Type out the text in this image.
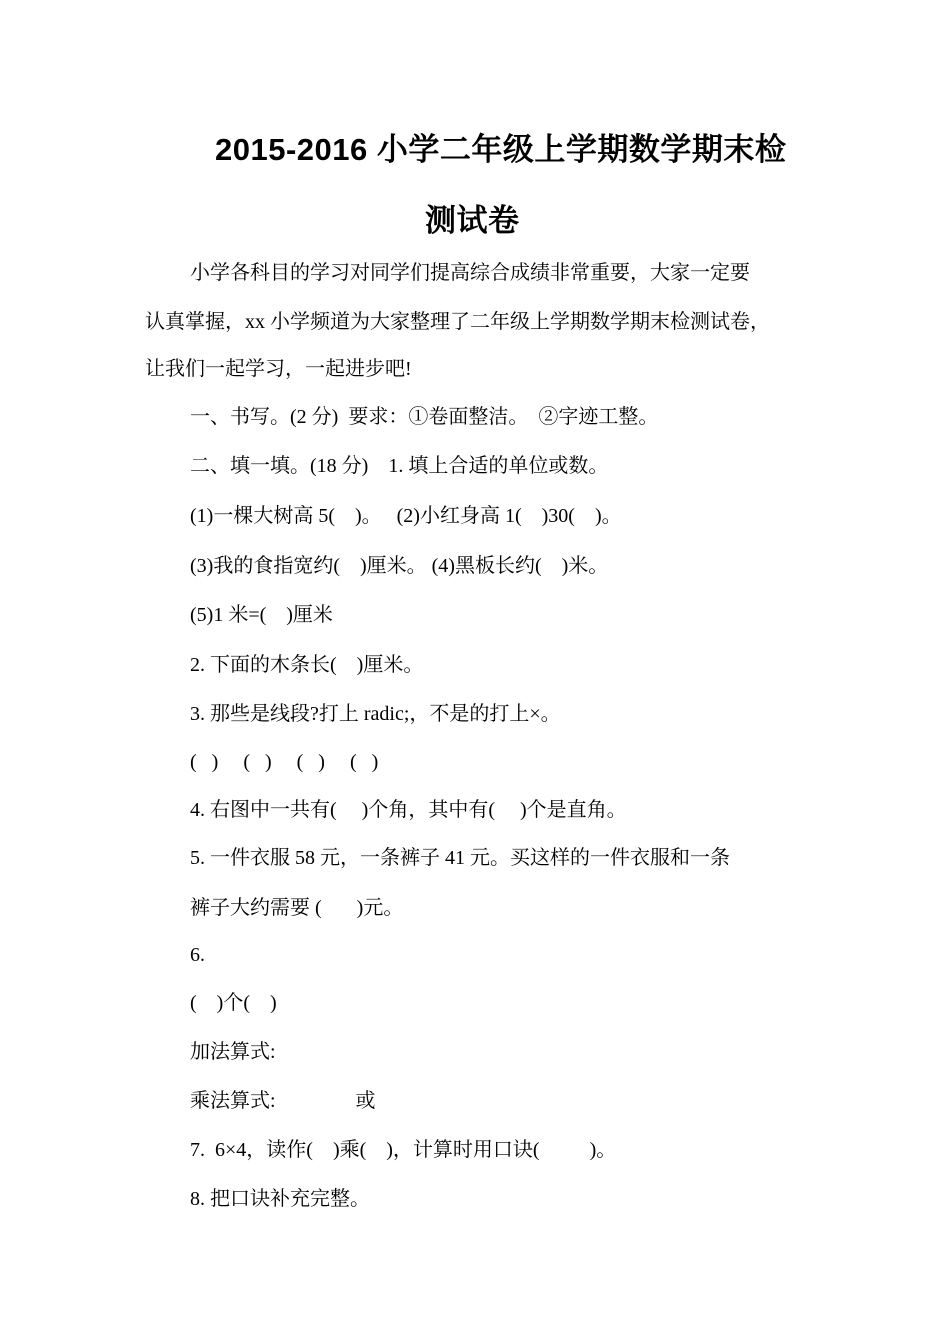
2015-2016 小学二年级上学期数学期末检
测试卷
小学各科目的学习对同学们提高综合成绩非常重要，大家一定要
认真掌握，xx 小学频道为大家整理了二年级上学期数学期末检测试卷，
让我们一起学习，一起进步吧!
一、书写。(2 分)  要求：①卷面整洁。  ②字迹工整。
二、填一填。(18 分)    1. 填上合适的单位或数。
(1)一棵大树高 5(    )。   (2)小红身高 1(    )30(    )。
(3)我的食指宽约(    )厘米。 (4)黑板长约(    )米。
(5)1 米=(    )厘米
2. 下面的木条长(    )厘米。
3. 那些是线段?打上 radic;，不是的打上×。
(   )     (   )     (   )     (   )
4. 右图中一共有(     )个角，其中有(     )个是直角。
5. 一件衣服 58 元，一条裤子 41 元。买这样的一件衣服和一条
裤子大约需要 (       )元。
6.
(    )个(    )
加法算式:
乘法算式:                或
7.  6×4，读作(    )乘(    )，计算时用口诀(          )。
8. 把口诀补充完整。
